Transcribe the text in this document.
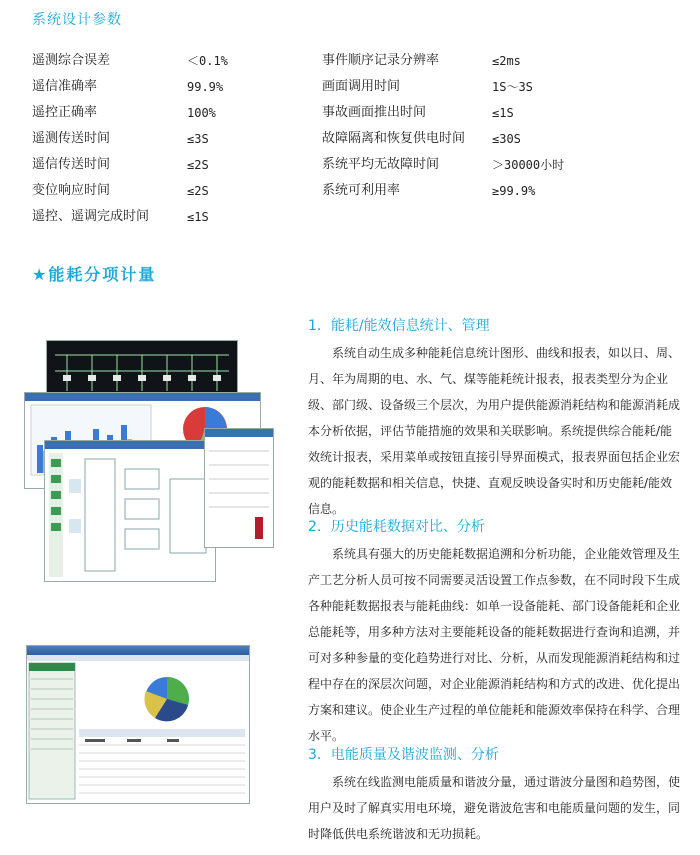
系统设计参数
遥测综合误差	＜0.1%	事件顺序记录分辨率	≤2ms
遥信准确率	99.9%	画面调用时间	1S～3S
遥控正确率	100%	事故画面推出时间	≤1S
遥测传送时间	≤3S	故障隔离和恢复供电时间 ≤30S
遥信传送时间	≤2S	系统平均无故障时间	＞30000小时
变位响应时间	≤2S	系统可利用率	≥99.9%
遥控、遥调完成时间	≤1S
★能耗分项计量
1．能耗/能效信息统计、管理

系统自动生成多种能耗信息统计图形、曲线和报表，如以日、周、月、年为周期的电、水、气、煤等能耗统计报表，报表类型分为企业级、部门级、设备级三个层次，为用户提供能源消耗结构和能源消耗成本分析依据，评估节能措施的效果和关联影响。系统提供综合能耗/能效统计报表，采用菜单或按钮直接引导界面模式，报表界面包括企业宏观的能耗数据和相关信息，快捷、直观反映设备实时和历史能耗/能效信息。

2．历史能耗数据对比、分析

系统具有强大的历史能耗数据追溯和分析功能，企业能效管理及生产工艺分析人员可按不同需要灵活设置工作点参数，在不同时段下生成各种能耗数据报表与能耗曲线：如单一设备能耗、部门设备能耗和企业总能耗等，用多种方法对主要能耗设备的能耗数据进行查询和追溯，并可对多种参量的变化趋势进行对比、分析，从而发现能源消耗结构和过程中存在的深层次问题，对企业能源消耗结构和方式的改进、优化提出方案和建议。使企业生产过程的单位能耗和能源效率保持在科学、合理水平。

3．电能质量及谐波监测、分析

系统在线监测电能质量和谐波分量，通过谐波分量图和趋势图，使用户及时了解真实用电环境，避免谐波危害和电能质量问题的发生，同时降低供电系统谐波和无功损耗。
